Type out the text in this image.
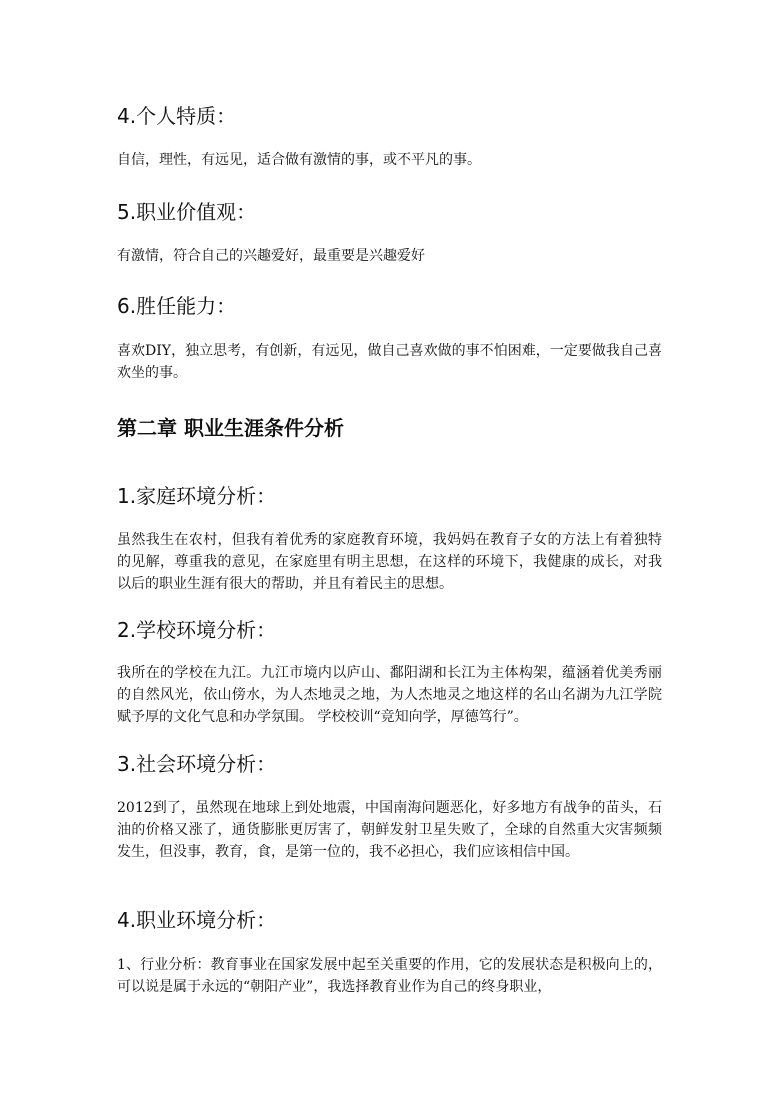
4.个人特质：
自信，理性，有远见，适合做有激情的事，或不平凡的事。
5.职业价值观：
有激情，符合自己的兴趣爱好，最重要是兴趣爱好
6.胜任能力：
喜欢DIY，独立思考，有创新，有远见，做自己喜欢做的事不怕困难，一定要做我自己喜欢坐的事。
第二章 职业生涯条件分析
1.家庭环境分析：
虽然我生在农村，但我有着优秀的家庭教育环境，我妈妈在教育子女的方法上有着独特的见解，尊重我的意见，在家庭里有明主思想，在这样的环境下，我健康的成长，对我以后的职业生涯有很大的帮助，并且有着民主的思想。
2.学校环境分析：
我所在的学校在九江。九江市境内以庐山、鄱阳湖和长江为主体构架，蕴涵着优美秀丽的自然风光，依山傍水，为人杰地灵之地，为人杰地灵之地这样的名山名湖为九江学院赋予厚的文化气息和办学氛围。 学校校训“竞知向学，厚德笃行”。
3.社会环境分析：
2012到了，虽然现在地球上到处地震，中国南海问题恶化，好多地方有战争的苗头，石油的价格又涨了，通货膨胀更厉害了，朝鲜发射卫星失败了，全球的自然重大灾害频频发生，但没事，教育，食，是第一位的，我不必担心，我们应该相信中国。
4.职业环境分析：
1、行业分析：教育事业在国家发展中起至关重要的作用，它的发展状态是积极向上的，可以说是属于永远的“朝阳产业”，我选择教育业作为自己的终身职业，
